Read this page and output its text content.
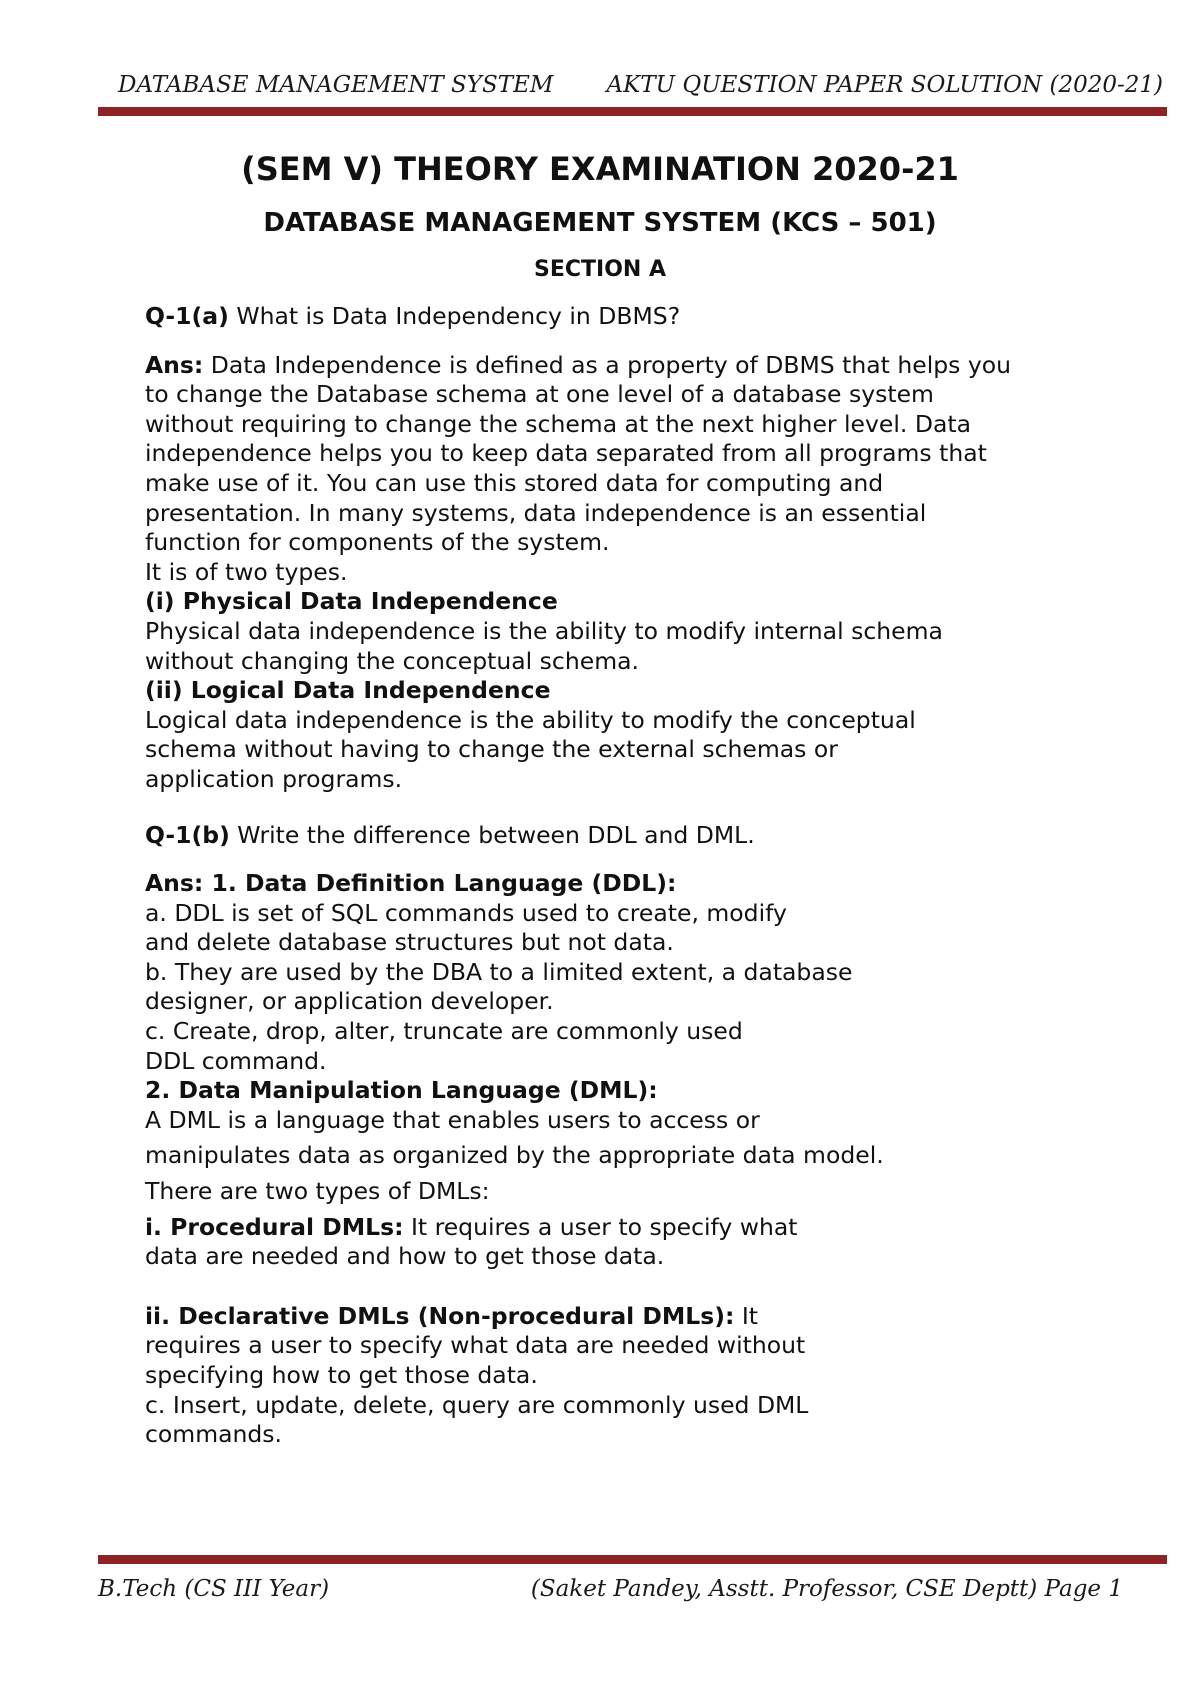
DATABASE MANAGEMENT SYSTEM AKTU QUESTION PAPER SOLUTION (2020-21)
(SEM V) THEORY EXAMINATION 2020-21
DATABASE MANAGEMENT SYSTEM (KCS – 501)
SECTION A

Q-1(a) What is Data Independency in DBMS?

Ans: Data Independence is defined as a property of DBMS that helps you

to change the Database schema at one level of a database system

without requiring to change the schema at the next higher level. Data

independence helps you to keep data separated from all programs that

make use of it. You can use this stored data for computing and

presentation. In many systems, data independence is an essential

function for components of the system.

It is of two types.

(i) Physical Data Independence

Physical data independence is the ability to modify internal schema

without changing the conceptual schema.

(ii) Logical Data Independence

Logical data independence is the ability to modify the conceptual

schema without having to change the external schemas or

application programs.

Q-1(b) Write the difference between DDL and DML.

Ans: 1. Data Definition Language (DDL):

a. DDL is set of SQL commands used to create, modify

and delete database structures but not data.

b. They are used by the DBA to a limited extent, a database

designer, or application developer.

c. Create, drop, alter, truncate are commonly used

DDL command.

2. Data Manipulation Language (DML):

A DML is a language that enables users to access or

manipulates data as organized by the appropriate data model.

There are two types of DMLs:

i. Procedural DMLs: It requires a user to specify what

data are needed and how to get those data.

ii. Declarative DMLs (Non-procedural DMLs): It

requires a user to specify what data are needed without

specifying how to get those data.

c. Insert, update, delete, query are commonly used DML

commands.

B.Tech (CS III Year)	(Saket Pandey, Asstt. Professor, CSE Deptt) Page 1
